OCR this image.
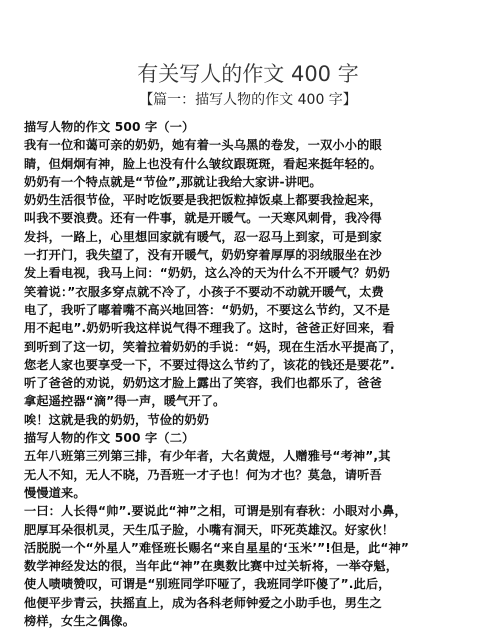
有关写人的作文 400 字
【篇一：描写人物的作文 400 字】
描写人物的作文 500 字（一）
我有一位和蔼可亲的奶奶，她有着一头乌黑的卷发，一双小小的眼
睛，但炯炯有神，脸上也没有什么皱纹跟斑斑，看起来挺年轻的。
奶奶有一个特点就是“节俭”,那就让我给大家讲-讲吧。
奶奶生活很节俭，平时吃饭要是我把饭粒掉饭桌上都要我捡起来，
叫我不要浪费。还有一件事，就是开暖气。一天寒风刺骨，我冷得
发抖，一路上，心里想回家就有暖气，忍一忍马上到家，可是到家
一打开门，我失望了，没有开暖气，奶奶穿着厚厚的羽绒服坐在沙
发上看电视，我马上问：“奶奶，这么冷的天为什么不开暖气？奶奶
笑着说：”衣服多穿点就不冷了，小孩子不要动不动就开暖气，太费
电了，我听了嘟着嘴不高兴地回答：“奶奶，不要这么节约，又不是
用不起电”.奶奶听我这样说气得不理我了。这时，爸爸正好回来，看
到听到了这一切，笑着拉着奶奶的手说：“妈，现在生活水平提高了，
您老人家也要享受一下，不要过得这么节约了，该花的钱还是要花”.
听了爸爸的劝说，奶奶这才脸上露出了笑容，我们也都乐了，爸爸
拿起遥控器“滴”得一声，暖气开了。
唉！这就是我的奶奶，节俭的奶奶
描写人物的作文 500 字（二）
五年八班第三列第三排，有少年者，大名黄煜，人赠雅号“考神”,其
无人不知，无人不晓，乃吾班一才子也！何为才也？莫急，请听吾
慢慢道来。
一曰：人长得“帅”.要说此“神”之相，可谓是别有春秋：小眼对小鼻，
肥厚耳朵很机灵，天生瓜子脸，小嘴有洞天，吓死英雄汉。好家伙！
活脱脱一个“外星人”难怪班长赐名“来自星星的‘玉米’”!但是，此“神”
数学神经发达的很，当年此“神”在奥数比赛中过关斩将，一举夺魁，
使人啧啧赞叹，可谓是“别班同学吓哑了，我班同学吓傻了”.此后，
他便平步青云，扶摇直上，成为各科老师钟爱之小助手也，男生之
榜样，女生之偶像。
